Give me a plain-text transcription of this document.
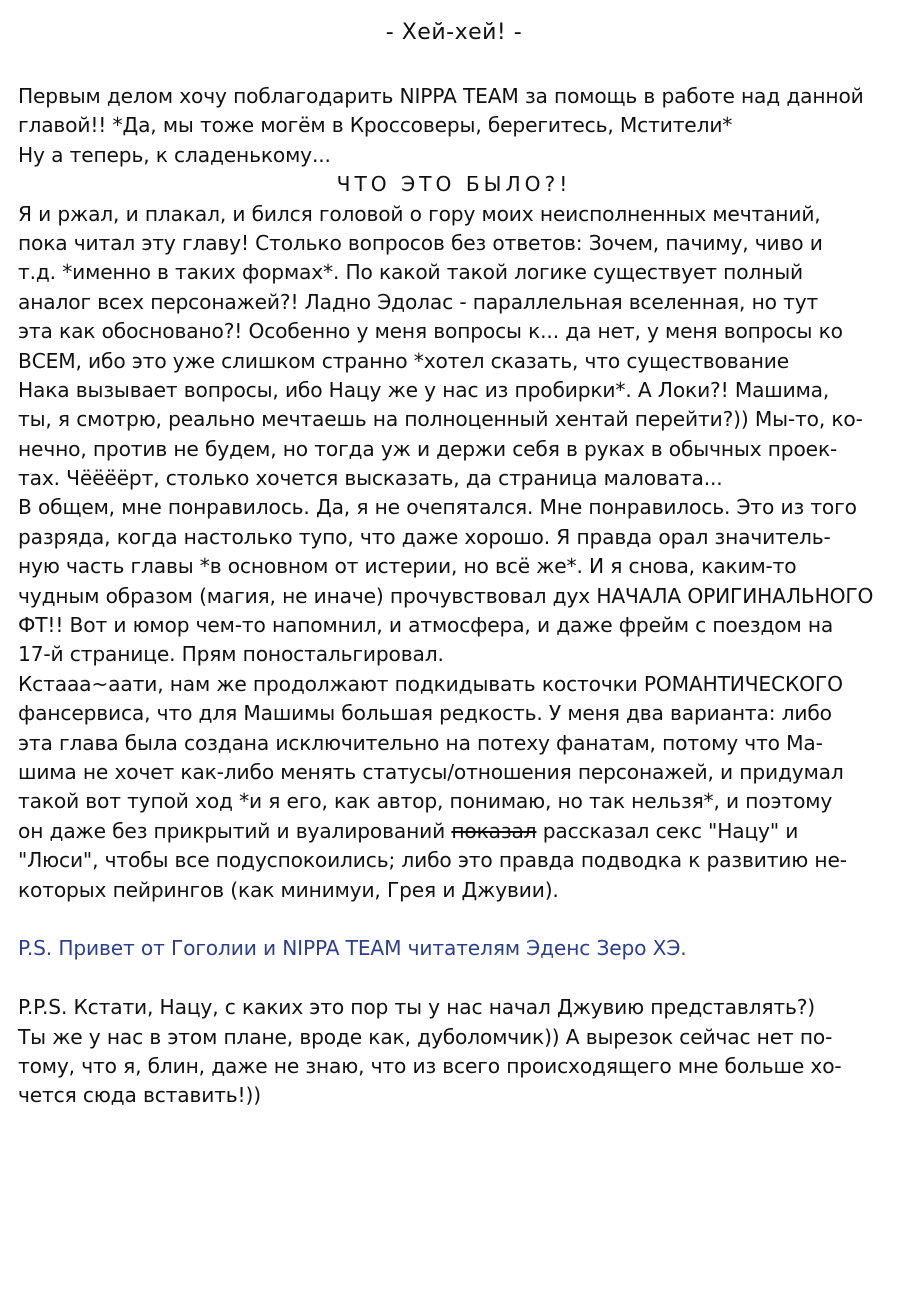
- Хей-хей! -
Первым делом хочу поблагодарить NIPPA TEAM за помощь в работе над данной
главой!! *Да, мы тоже могём в Кроссоверы, берегитесь, Мстители*
Ну а теперь, к сладенькому...
ЧТО ЭТО БЫЛО?!
Я и ржал, и плакал, и бился головой о гору моих неисполненных мечтаний,
пока читал эту главу! Столько вопросов без ответов: Зочем, пачиму, чиво и
т.д. *именно в таких формах*. По какой такой логике существует полный
аналог всех персонажей?! Ладно Эдолас - параллельная вселенная, но тут
эта как обосновано?! Особенно у меня вопросы к... да нет, у меня вопросы ко
ВСЕМ, ибо это уже слишком странно *хотел сказать, что существование
Нака вызывает вопросы, ибо Нацу же у нас из пробирки*. А Локи?! Машима,
ты, я смотрю, реально мечтаешь на полноценный хентай перейти?)) Мы-то, ко-
нечно, против не будем, но тогда уж и держи себя в руках в обычных проек-
тах. Чёёёёрт, столько хочется высказать, да страница маловата...
В общем, мне понравилось. Да, я не очепятался. Мне понравилось. Это из того
разряда, когда настолько тупо, что даже хорошо. Я правда орал значитель-
ную часть главы *в основном от истерии, но всё же*. И я снова, каким-то
чудным образом (магия, не иначе) прочувствовал дух НАЧАЛА ОРИГИНАЛЬНОГО
ФТ!! Вот и юмор чем-то напомнил, и атмосфера, и даже фрейм с поездом на
17-й странице. Прям поностальгировал.
Кстааа~аати, нам же продолжают подкидывать косточки РОМАНТИЧЕСКОГО
фансервиса, что для Машимы большая редкость. У меня два варианта: либо
эта глава была создана исключительно на потеху фанатам, потому что Ма-
шима не хочет как-либо менять статусы/отношения персонажей, и придумал
такой вот тупой ход *и я его, как автор, понимаю, но так нельзя*, и поэтому
он даже без прикрытий и вуалирований показал рассказал секс "Нацу" и
"Люси", чтобы все подуспокоились; либо это правда подводка к развитию не-
которых пейрингов (как минимуи, Грея и Джувии).
P.S. Привет от Гоголии и NIPPA TEAM читателям Эденс Зеро ХЭ.
P.P.S. Кстати, Нацу, с каких это пор ты у нас начал Джувию представлять?)
Ты же у нас в этом плане, вроде как, дуболомчик)) А вырезок сейчас нет по-
тому, что я, блин, даже не знаю, что из всего происходящего мне больше хо-
чется сюда вставить!))
